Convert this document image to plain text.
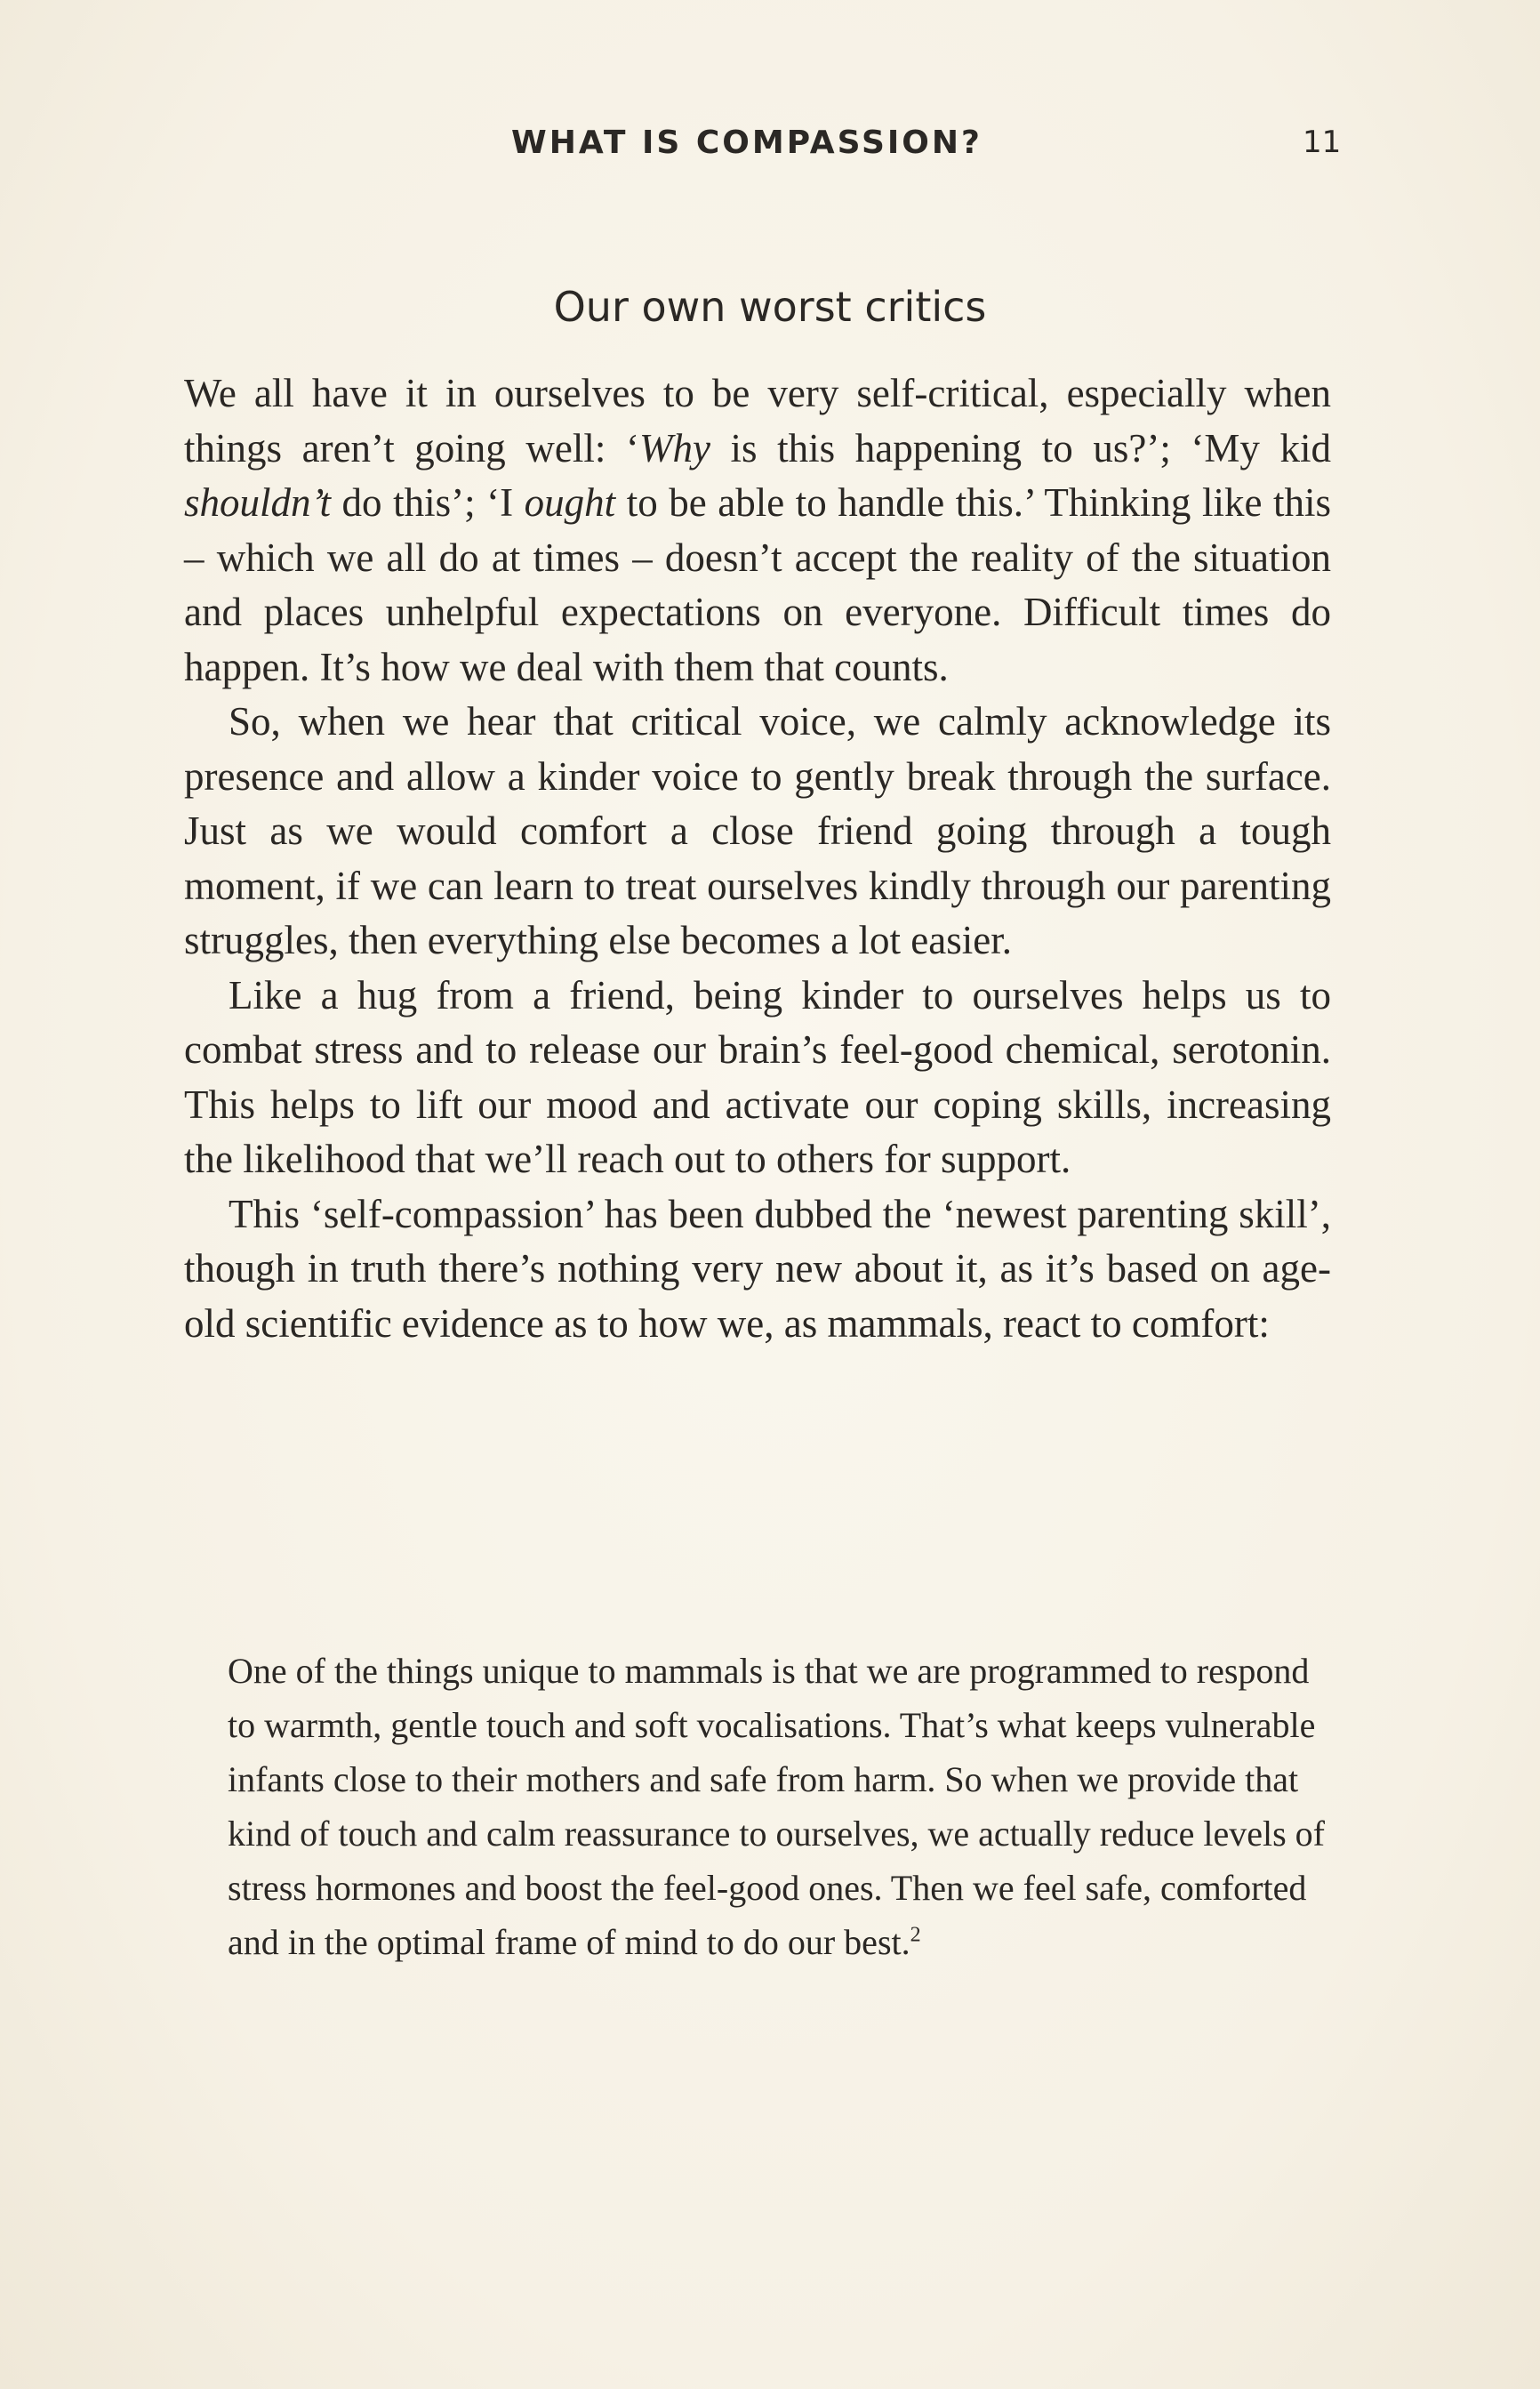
WHAT IS COMPASSION?	11
Our own worst critics

We all have it in ourselves to be very self-critical, especially when things aren’t going well: ‘Why is this happening to us?’; ‘My kid shouldn’t do this’; ‘I ought to be able to handle this.’ Thinking like this – which we all do at times – doesn’t accept the reality of the situation and places unhelpful expectations on everyone. Difficult times do happen. It’s how we deal with them that counts.

So, when we hear that critical voice, we calmly acknowledge its presence and allow a kinder voice to gently break through the surface. Just as we would comfort a close friend going through a tough moment, if we can learn to treat ourselves kindly through our parenting struggles, then everything else becomes a lot easier.

Like a hug from a friend, being kinder to ourselves helps us to combat stress and to release our brain’s feel-good chemical, serotonin. This helps to lift our mood and activate our coping skills, increasing the likelihood that we’ll reach out to others for support.

This ‘self-compassion’ has been dubbed the ‘newest parenting skill’, though in truth there’s nothing very new about it, as it’s based on age-old scientific evidence as to how we, as mammals, react to comfort:

One of the things unique to mammals is that we are programmed to respond to warmth, gentle touch and soft vocalisations. That’s what keeps vulnerable infants close to their mothers and safe from harm. So when we provide that kind of touch and calm reassurance to ourselves, we actually reduce levels of stress hormones and boost the feel-good ones. Then we feel safe, comforted and in the optimal frame of mind to do our best.$^2$
